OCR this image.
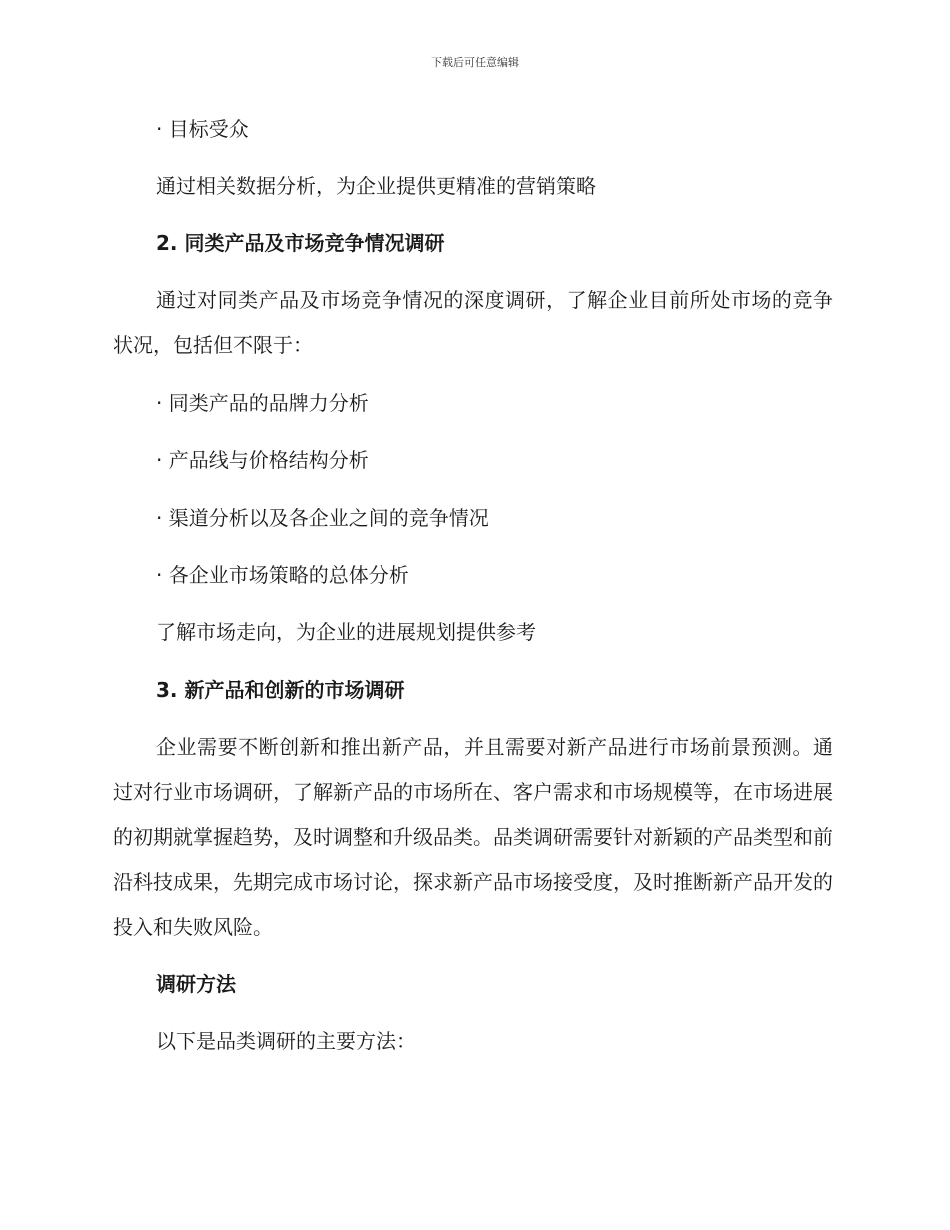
下载后可任意编辑
· 目标受众
通过相关数据分析，为企业提供更精准的营销策略
2. 同类产品及市场竞争情况调研
通过对同类产品及市场竞争情况的深度调研，了解企业目前所处市场的竞争状况，包括但不限于：
· 同类产品的品牌力分析
· 产品线与价格结构分析
· 渠道分析以及各企业之间的竞争情况
· 各企业市场策略的总体分析
了解市场走向，为企业的进展规划提供参考
3. 新产品和创新的市场调研
企业需要不断创新和推出新产品，并且需要对新产品进行市场前景预测。通过对行业市场调研，了解新产品的市场所在、客户需求和市场规模等，在市场进展的初期就掌握趋势，及时调整和升级品类。品类调研需要针对新颖的产品类型和前沿科技成果，先期完成市场讨论，探求新产品市场接受度，及时推断新产品开发的投入和失败风险。
调研方法
以下是品类调研的主要方法：
